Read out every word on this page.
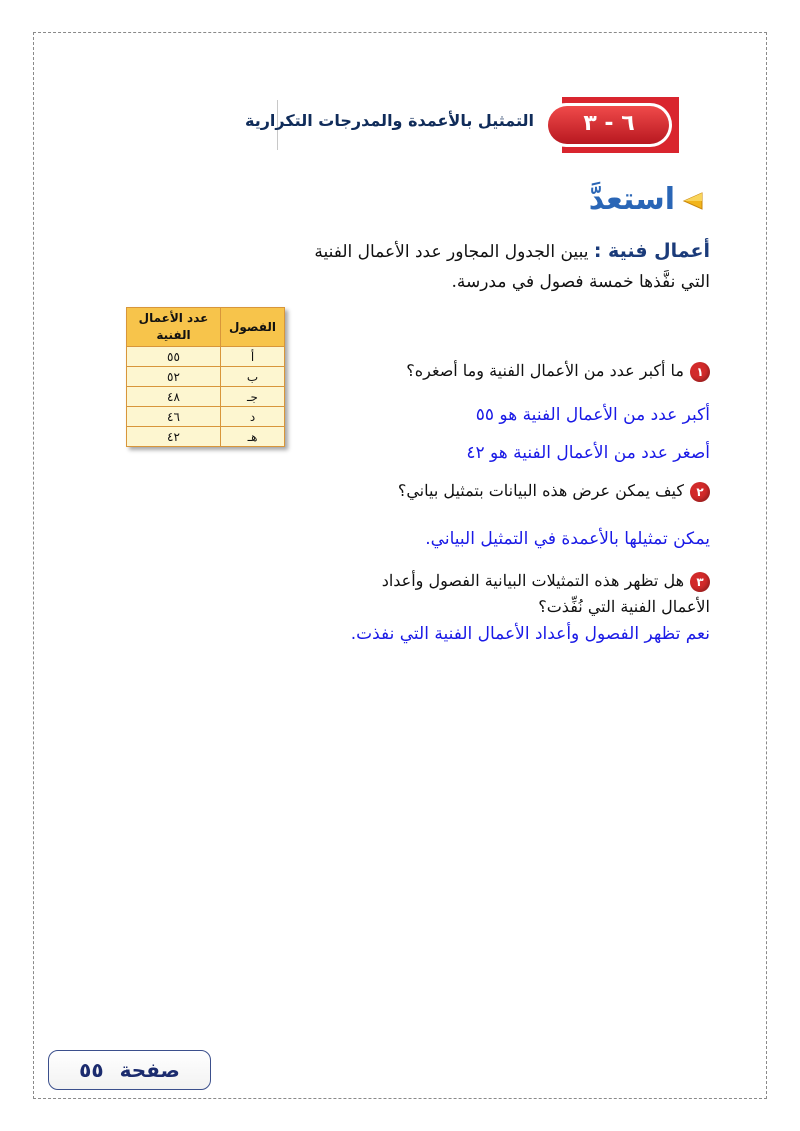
التمثيل بالأعمدة والمدرجات التكرارية	٦ - ٣
استعدَّ
أعمال فنية : يبين الجدول المجاور عدد الأعمال الفنية التي نفَّذها خمسة فصول في مدرسة.
الفصول	عدد الأعمال الفنية
أ	٥٥
ب	٥٢
جـ	٤٨
د	٤٦
هـ	٤٢
١ما أكبر عدد من الأعمال الفنية وما أصغره؟
أكبر عدد من الأعمال الفنية هو ٥٥
أصغر عدد من الأعمال الفنية هو ٤٢
٢كيف يمكن عرض هذه البيانات بتمثيل بياني؟
يمكن تمثيلها بالأعمدة في التمثيل البياني.
٣هل تظهر هذه التمثيلات البيانية الفصول وأعداد الأعمال الفنية التي نُفِّذت؟
نعم تظهر الفصول وأعداد الأعمال الفنية التي نفذت.
صفحة
٥٥
